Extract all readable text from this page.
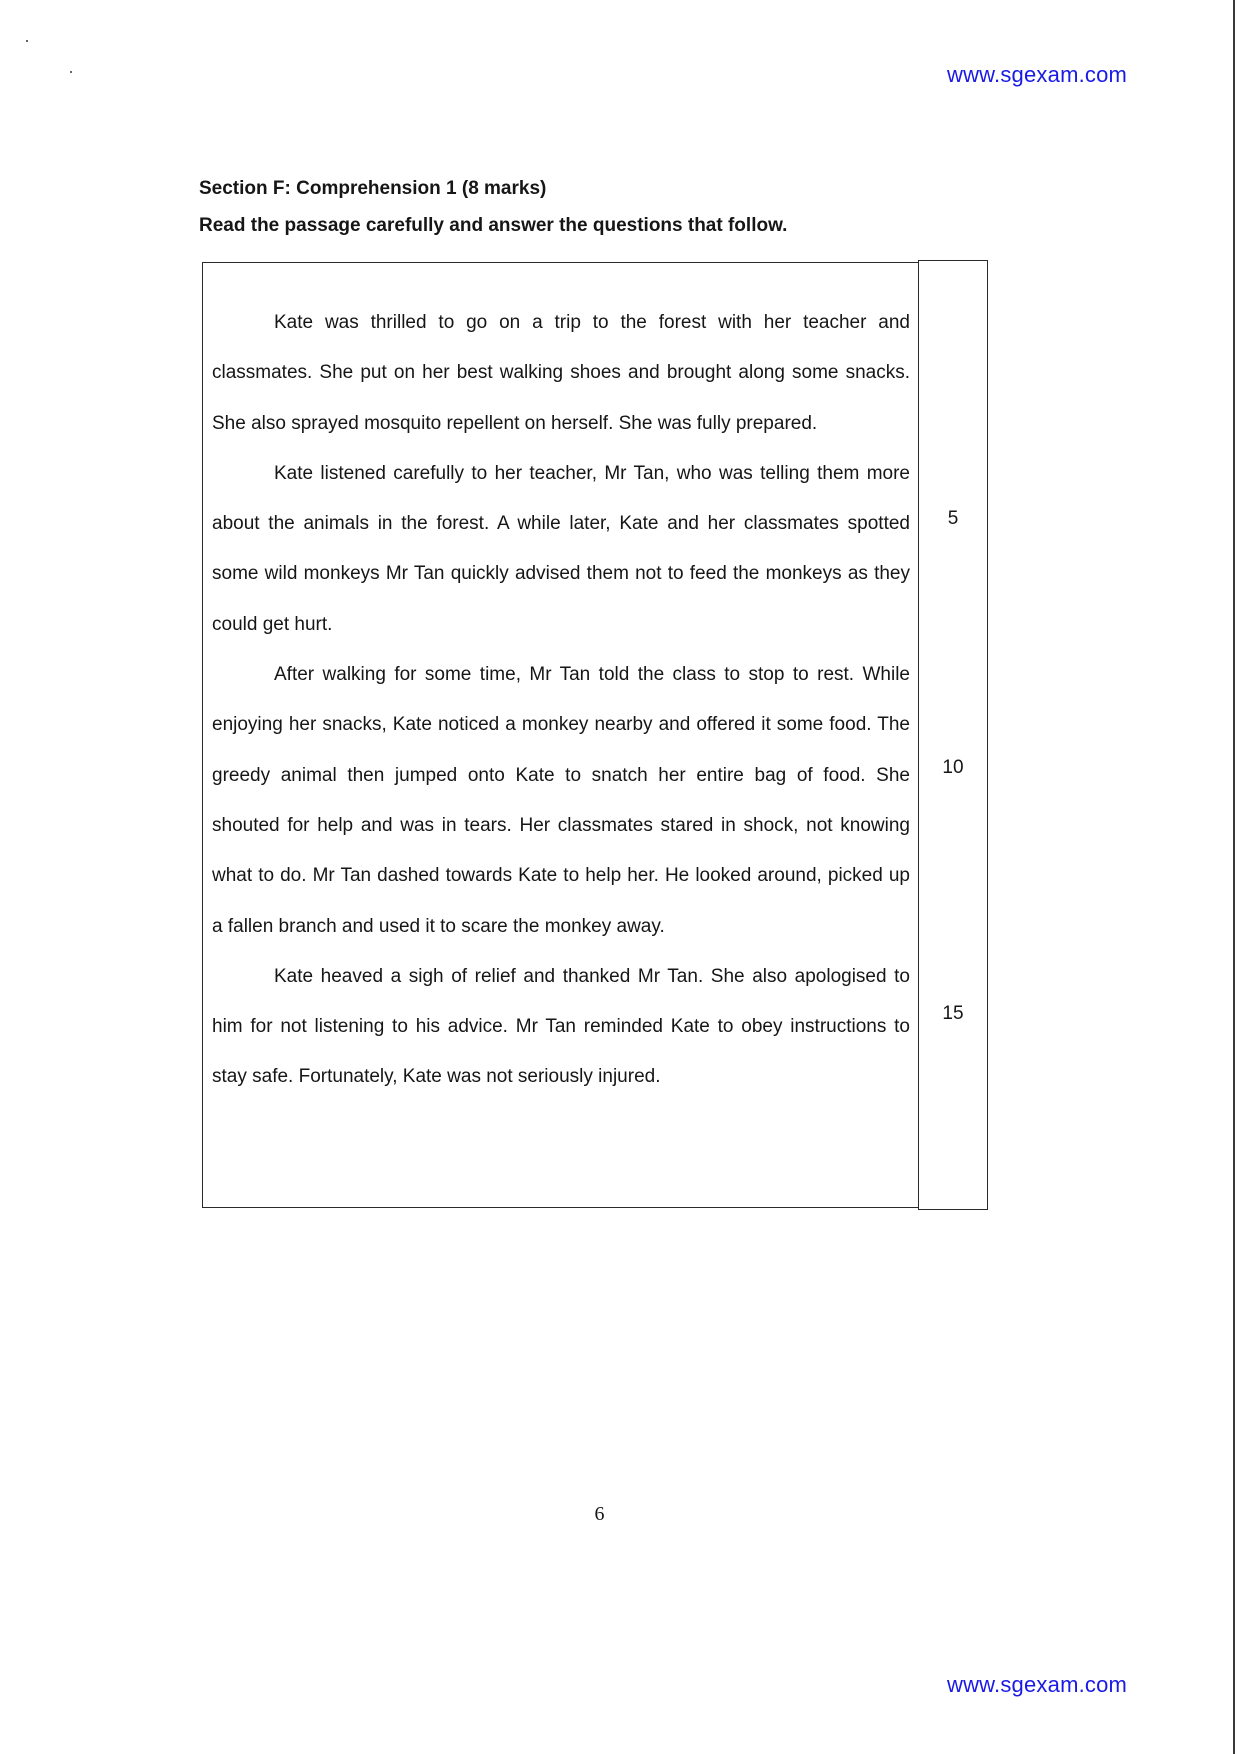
www.sgexam.com
Section F: Comprehension 1 (8 marks)
Read the passage carefully and answer the questions that follow.

Kate was thrilled to go on a trip to the forest with her teacher and classmates. She put on her best walking shoes and brought along some snacks. She also sprayed mosquito repellent on herself. She was fully prepared.

Kate listened carefully to her teacher, Mr Tan, who was telling them more about the animals in the forest. A while later, Kate and her classmates spotted some wild monkeys Mr Tan quickly advised them not to feed the monkeys as they could get hurt.

After walking for some time, Mr Tan told the class to stop to rest. While enjoying her snacks, Kate noticed a monkey nearby and offered it some food. The greedy animal then jumped onto Kate to snatch her entire bag of food. She shouted for help and was in tears. Her classmates stared in shock, not knowing what to do. Mr Tan dashed towards Kate to help her. He looked around, picked up a fallen branch and used it to scare the monkey away.

Kate heaved a sigh of relief and thanked Mr Tan. She also apologised to him for not listening to his advice. Mr Tan reminded Kate to obey instructions to stay safe. Fortunately, Kate was not seriously injured.

5
10
15
6
www.sgexam.com
